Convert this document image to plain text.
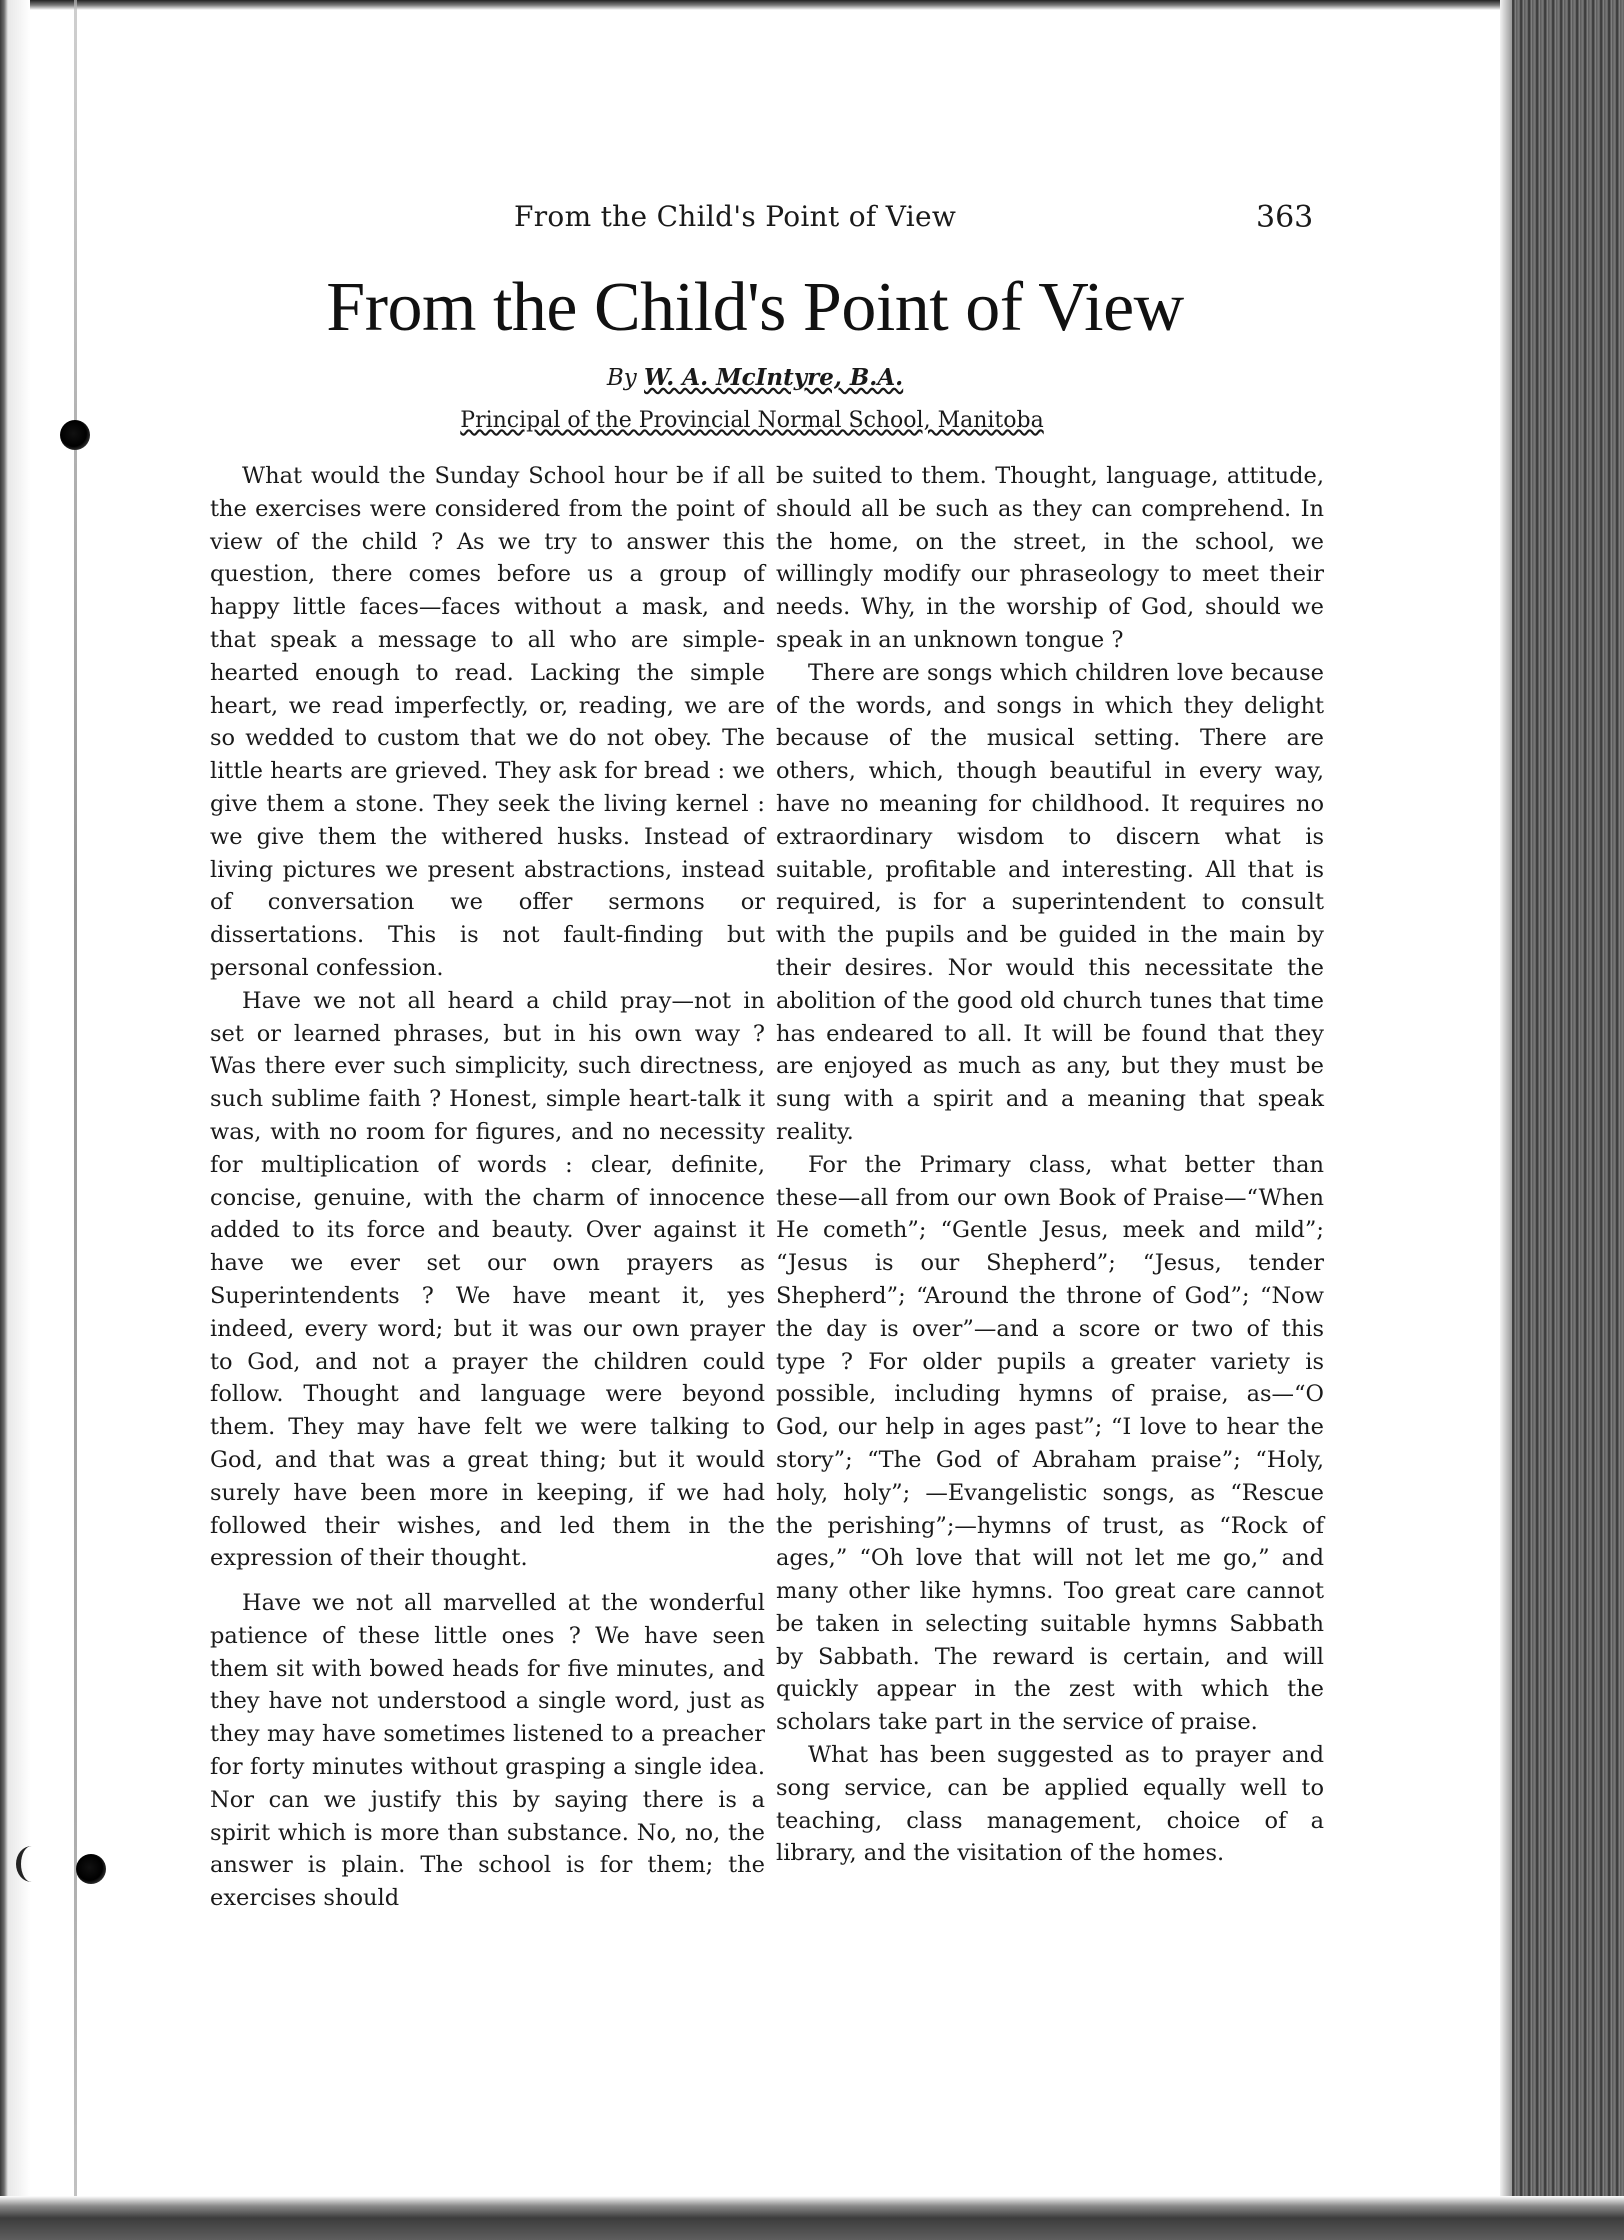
From the Child's Point of View	363
From the Child's Point of View
By W. A. McIntyre, B.A.
Principal of the Provincial Normal School, Manitoba

What would the Sunday School hour be if all the exercises were considered from the point of view of the child ? As we try to answer this question, there comes before us a group of happy little faces—faces without a mask, and that speak a message to all who are simple-hearted enough to read. Lacking the simple heart, we read imperfectly, or, reading, we are so wedded to custom that we do not obey. The little hearts are grieved. They ask for bread : we give them a stone. They seek the living kernel : we give them the withered husks. Instead of living pictures we present abstractions, instead of conversation we offer sermons or dissertations. This is not fault-finding but personal confession.

Have we not all heard a child pray—not in set or learned phrases, but in his own way ? Was there ever such simplicity, such directness, such sublime faith ? Honest, simple heart-talk it was, with no room for figures, and no necessity for multiplication of words : clear, definite, concise, genuine, with the charm of innocence added to its force and beauty. Over against it have we ever set our own prayers as Superintendents ? We have meant it, yes indeed, every word; but it was our own prayer to God, and not a prayer the children could follow. Thought and language were beyond them. They may have felt we were talking to God, and that was a great thing; but it would surely have been more in keeping, if we had followed their wishes, and led them in the expression of their thought.

Have we not all marvelled at the wonderful patience of these little ones ? We have seen them sit with bowed heads for five minutes, and they have not understood a single word, just as they may have sometimes listened to a preacher for forty minutes without grasping a single idea. Nor can we justify this by saying there is a spirit which is more than substance. No, no, the answer is plain. The school is for them; the exercises should

be suited to them. Thought, language, attitude, should all be such as they can comprehend. In the home, on the street, in the school, we willingly modify our phraseology to meet their needs. Why, in the worship of God, should we speak in an unknown tongue ?

There are songs which children love because of the words, and songs in which they delight because of the musical setting. There are others, which, though beautiful in every way, have no meaning for childhood. It requires no extraordinary wisdom to discern what is suitable, profitable and interesting. All that is required, is for a superintendent to consult with the pupils and be guided in the main by their desires. Nor would this necessitate the abolition of the good old church tunes that time has endeared to all. It will be found that they are enjoyed as much as any, but they must be sung with a spirit and a meaning that speak reality.

For the Primary class, what better than these—all from our own Book of Praise—“When He cometh”; “Gentle Jesus, meek and mild”; “Jesus is our Shepherd”; “Jesus, tender Shepherd”; “Around the throne of God”; “Now the day is over”—and a score or two of this type ? For older pupils a greater variety is possible, including hymns of praise, as—“O God, our help in ages past”; “I love to hear the story”; “The God of Abraham praise”; “Holy, holy, holy”; —Evangelistic songs, as “Rescue the perishing”;—hymns of trust, as “Rock of ages,” “Oh love that will not let me go,” and many other like hymns. Too great care cannot be taken in selecting suitable hymns Sabbath by Sabbath. The reward is certain, and will quickly appear in the zest with which the scholars take part in the service of praise.

What has been suggested as to prayer and song service, can be applied equally well to teaching, class management, choice of a library, and the visitation of the homes.
